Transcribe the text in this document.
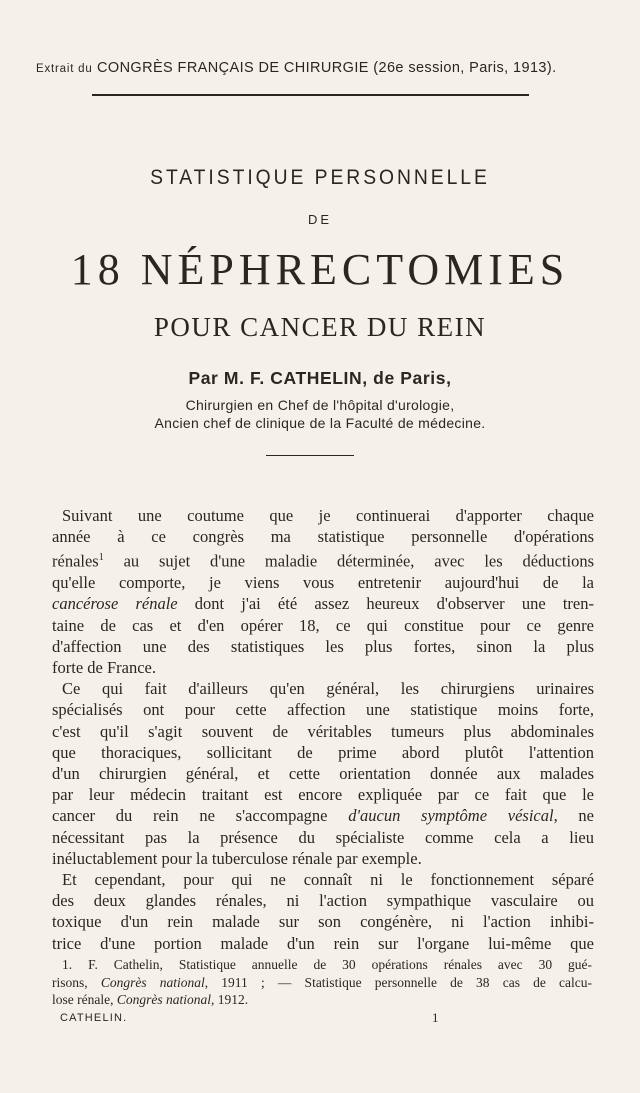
Extrait du CONGRÈS FRANÇAIS DE CHIRURGIE (26e session, Paris, 1913).
STATISTIQUE PERSONNELLE
DE
18 NÉPHRECTOMIES
POUR CANCER DU REIN
Par M. F. CATHELIN, de Paris,
Chirurgien en Chef de l'hôpital d'urologie,
Ancien chef de clinique de la Faculté de médecine.
Suivant une coutume que je continuerai d'apporter chaque
année à ce congrès ma statistique personnelle d'opérations
rénales$^1$ au sujet d'une maladie déterminée, avec les déductions
qu'elle comporte, je viens vous entretenir aujourd'hui de la
cancérose rénale dont j'ai été assez heureux d'observer une tren-
taine de cas et d'en opérer 18, ce qui constitue pour ce genre
d'affection une des statistiques les plus fortes, sinon la plus
forte de France.
Ce qui fait d'ailleurs qu'en général, les chirurgiens urinaires
spécialisés ont pour cette affection une statistique moins forte,
c'est qu'il s'agit souvent de véritables tumeurs plus abdominales
que thoraciques, sollicitant de prime abord plutôt l'attention
d'un chirurgien général, et cette orientation donnée aux malades
par leur médecin traitant est encore expliquée par ce fait que le
cancer du rein ne s'accompagne d'aucun symptôme vésical, ne
nécessitant pas la présence du spécialiste comme cela a lieu
inéluctablement pour la tuberculose rénale par exemple.
Et cependant, pour qui ne connaît ni le fonctionnement séparé
des deux glandes rénales, ni l'action sympathique vasculaire ou
toxique d'un rein malade sur son congénère, ni l'action inhibi-
trice d'une portion malade d'un rein sur l'organe lui-même que
1. F. Cathelin, Statistique annuelle de 30 opérations rénales avec 30 gué-
risons, Congrès national, 1911 ; — Statistique personnelle de 38 cas de calcu-
lose rénale, Congrès national, 1912.
CATHELIN.	1
